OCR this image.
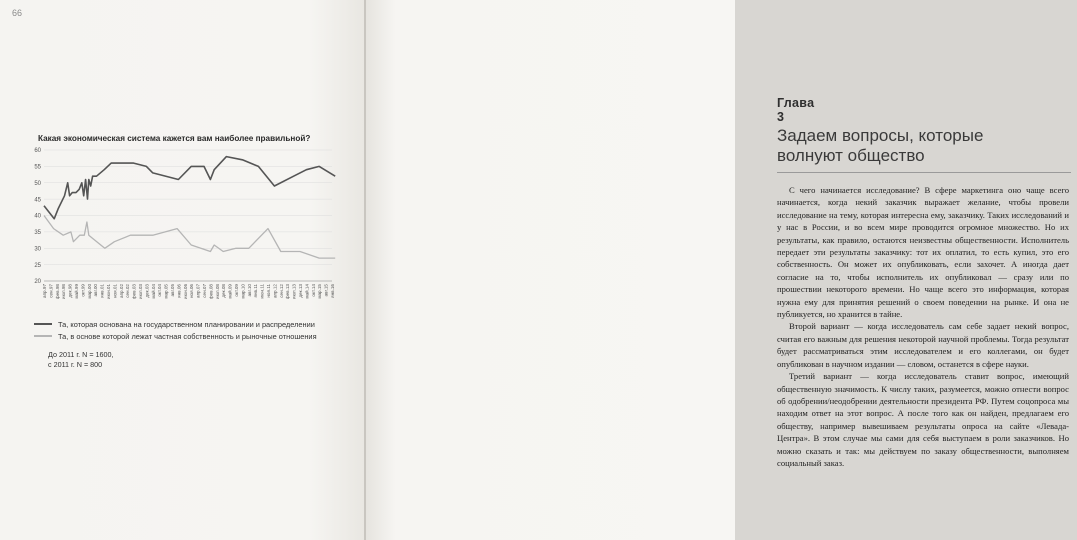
66
Какая экономическая система кажется вам наиболее правильной?
20
25
30
35
40
45
50
55
60
апр.97 сен.97 фев.98 июл.98 дек.98 май.99 окт.99 мар.00 авг.00 янв.01 июн.01 ноя.01 апр.02 сен.02 фев.03 июл.03 дек.03 май.04 окт.04 мар.05 авг.05 янв.06 июн.06 ноя.06 апр.07 сен.07 фев.08 июл.08 дек.08 май.09 окт.09 мар.10 авг.10 янв.11 июн.11 ноя.11 апр.12 сен.12 фев.13 июл.13 дек.13 май.14 окт.14 мар.15 авг.15 янв.16
Та, которая основана на государственном планировании и распределении
Та, в основе которой лежат частная собственность и рыночные отношения
До 2011 г. N = 1600,
с 2011 г. N = 800
Глава 3
Задаем вопросы, которые
волнуют общество

С чего начинается исследование? В сфере маркетинга оно чаще всего начинается, когда некий заказчик выражает желание, чтобы провели исследование на тему, которая интересна ему, заказчику. Таких исследований и у нас в России, и во всем мире проводится огромное множество. Но их результаты, как правило, остаются неизвестны общественности. Исполнитель передает эти результаты заказчику: тот их оплатил, то есть купил, это его собственность. Он может их опубликовать, если захочет. А иногда дает согласие на то, чтобы исполнитель их опубликовал — сразу или по прошествии некоторого времени. Но чаще всего это информация, которая нужна ему для принятия решений о своем поведении на рынке. И она не публикуется, но хранится в тайне.

Второй вариант — когда исследователь сам себе задает некий вопрос, считая его важным для решения некоторой научной проблемы. Тогда результат будет рассматриваться этим исследователем и его коллегами, он будет опубликован в научном издании — словом, останется в сфере науки.

Третий вариант — когда исследователь ставит вопрос, имеющий общественную значимость. К числу таких, разумеется, можно отнести вопрос об одобрении/неодобрении деятельности президента РФ. Путем соцопроса мы находим ответ на этот вопрос. А после того как он найден, предлагаем его обществу, например вывешиваем результаты опроса на сайте «Левада-Центра». В этом случае мы сами для себя выступаем в роли заказчиков. Но можно сказать и так: мы действуем по заказу общественности, выполняем социальный заказ.
